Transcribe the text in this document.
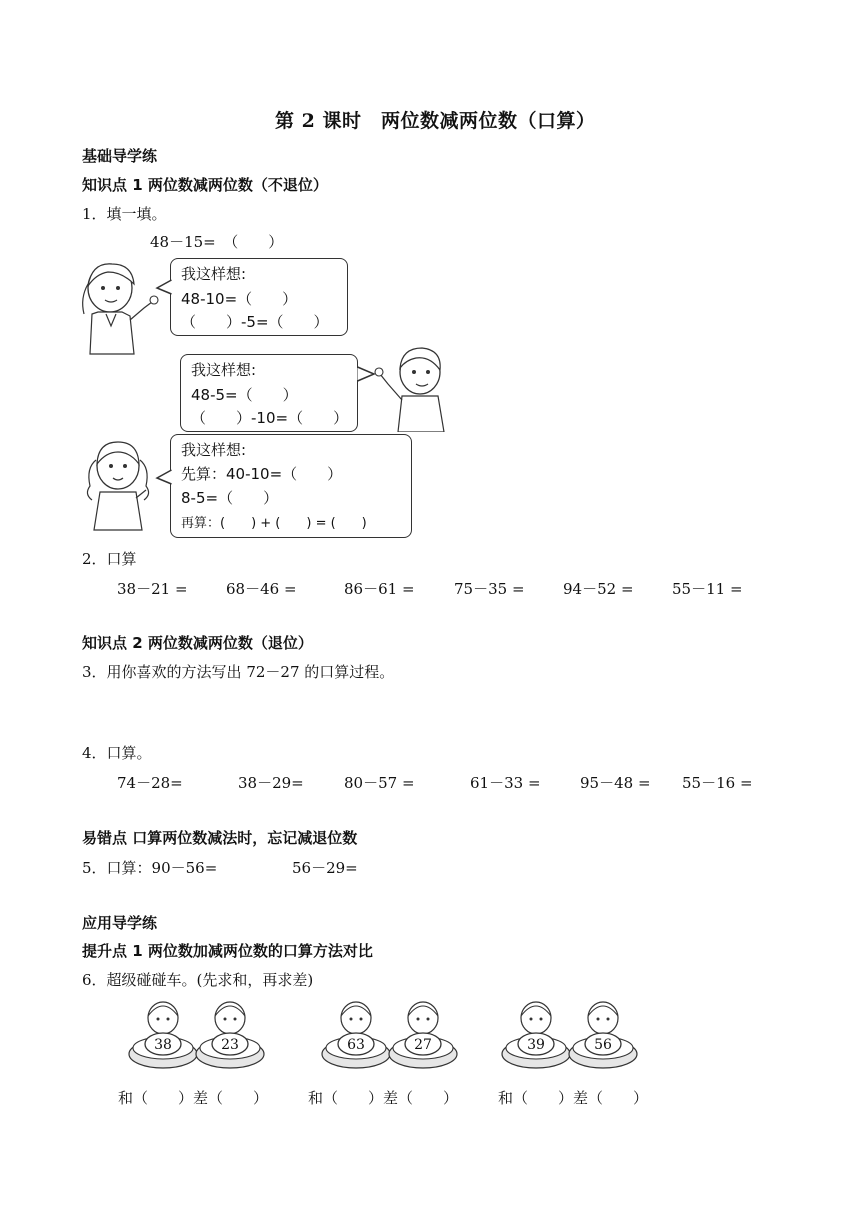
第 2 课时　两位数减两位数（口算）
基础导学练
知识点 1 两位数减两位数（不退位）
1．填一填。
48－15=　（　　）
我这样想:
48-10=（　　）
（　　）-5=（　　）
我这样想:
48-5=（　　）
（　　）-10=（　　）
我这样想:
先算：40-10=（　　）
8-5=（　　）
再算：(　　) + (　　) = (　　)
2．口算
38－21 =	68－46 =	86－61 =	75－35 =	94－52 =	55－11 =
知识点 2 两位数减两位数（退位）
3．用你喜欢的方法写出 72－27 的口算过程。
4．口算。
74－28=	38－29=	80－57 =	61－33 =	95－48 = 55－16 =
易错点 口算两位数减法时，忘记减退位数
5．口算：90－56=	56－29=
应用导学练
提升点 1 两位数加减两位数的口算方法对比
6．超级碰碰车。(先求和，再求差)
38	23	63	27	39	56
和（　　）差（　　）	和（　　）差（　　）	和（　　）差（　　）
